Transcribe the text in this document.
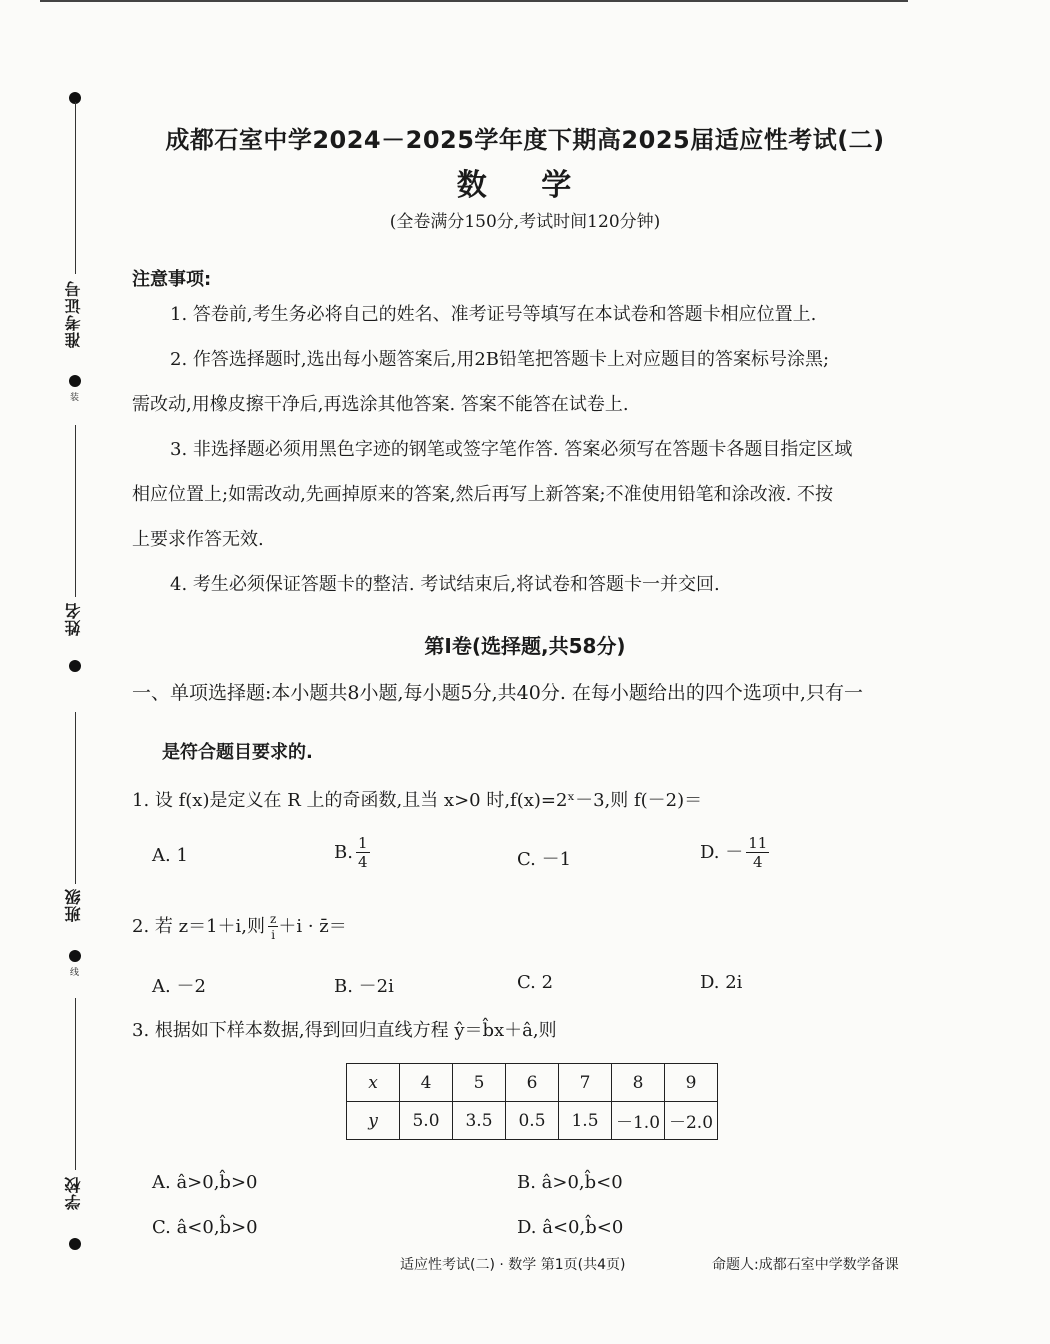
准考证号
装
姓名
班级
线
学校
成都石室中学2024－2025学年度下期高2025届适应性考试(二)
数 学
(全卷满分150分,考试时间120分钟)
注意事项:
1. 答卷前,考生务必将自己的姓名、准考证号等填写在本试卷和答题卡相应位置上.
2. 作答选择题时,选出每小题答案后,用2B铅笔把答题卡上对应题目的答案标号涂黑;
需改动,用橡皮擦干净后,再选涂其他答案. 答案不能答在试卷上.
3. 非选择题必须用黑色字迹的钢笔或签字笔作答. 答案必须写在答题卡各题目指定区域
相应位置上;如需改动,先画掉原来的答案,然后再写上新答案;不准使用铅笔和涂改液. 不按
上要求作答无效.
4. 考生必须保证答题卡的整洁. 考试结束后,将试卷和答题卡一并交回.
第Ⅰ卷(选择题,共58分)
一、单项选择题:本小题共8小题,每小题5分,共40分. 在每小题给出的四个选项中,只有一
是符合题目要求的.
1. 设 f(x)是定义在 R 上的奇函数,且当 x>0 时,f(x)=2ˣ－3,则 f(－2)＝
A. 1	B. $\frac{1}{4}$	C. －1	D. － $\frac{11}{4}$
2. 若 z＝1＋i,则 $\frac{z}{i} +i$ · z̄＝
A. －2	B. －2i	C. 2	D. 2i
3. 根据如下样本数据,得到回归直线方程 ŷ＝b̂x＋â,则
x	4	5	6	7	8	9
y	5.0	3.5	0.5	1.5	－1.0	－2.0
A. â>0,b̂>0	B. â>0,b̂<0
C. â<0,b̂>0	D. â<0,b̂<0
适应性考试(二) · 数学 第1页(共4页)	命题人:成都石室中学数学备课
